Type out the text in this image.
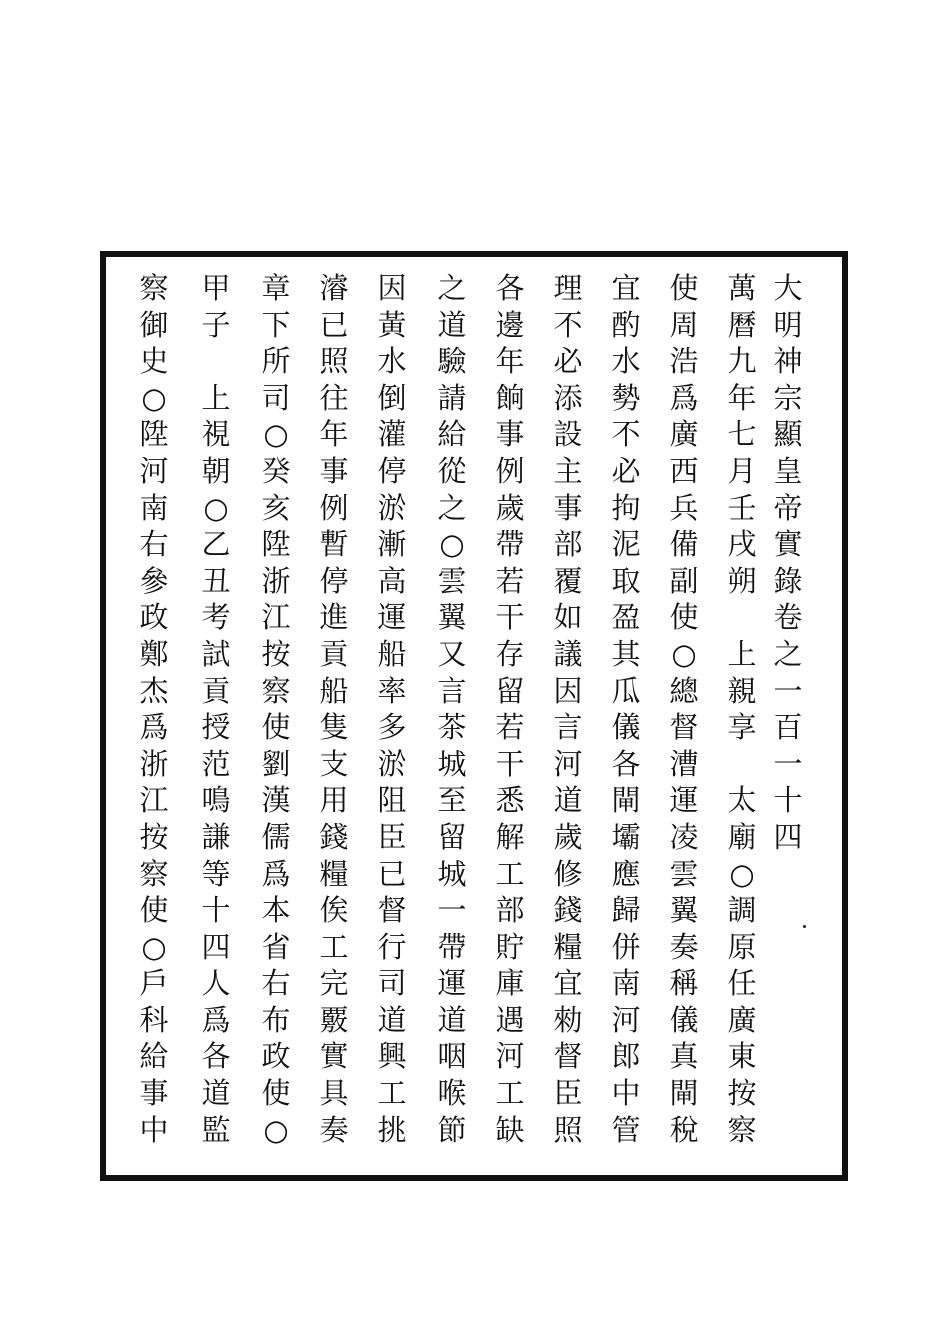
大
明
神
宗
顯
皇
帝
實
錄
卷
之
一
百
一
十
四
萬
曆
九
年
七
月
壬
戌
朔

上
親
享

太
廟
○
調
原
任
廣
東
按
察
使
周
浩
爲
廣
西
兵
備
副
使
○
總
督
漕
運
凌
雲
翼
奏
稱
儀
真
閘
稅
宜
酌
水
勢
不
必
拘
泥
取
盈
其
瓜
儀
各
閘
壩
應
歸
併
南
河
郎
中
管
理
不
必
添
設
主
事
部
覆
如
議
因
言
河
道
歲
修
錢
糧
宜
勑
督
臣
照
各
邊
年
餉
事
例
歲
帶
若
干
存
留
若
干
悉
解
工
部
貯
庫
遇
河
工
缺
之
道
驗
請
給
從
之
○
雲
翼
又
言
茶
城
至
留
城
一
帶
運
道
咽
喉
節
因
黃
水
倒
灌
停
淤
漸
高
運
船
率
多
淤
阻
臣
已
督
行
司
道
興
工
挑
濬
已
照
往
年
事
例
暫
停
進
貢
船
隻
支
用
錢
糧
俟
工
完
覈
實
具
奏
章
下
所
司
○
癸
亥
陞
浙
江
按
察
使
劉
漢
儒
爲
本
省
右
布
政
使
○
甲
子

上
視
朝
○
乙
丑
考
試
貢
授
范
鳴
謙
等
十
四
人
爲
各
道
監
察
御
史
○
陞
河
南
右
參
政
鄭
杰
爲
浙
江
按
察
使
○
戶
科
給
事
中
